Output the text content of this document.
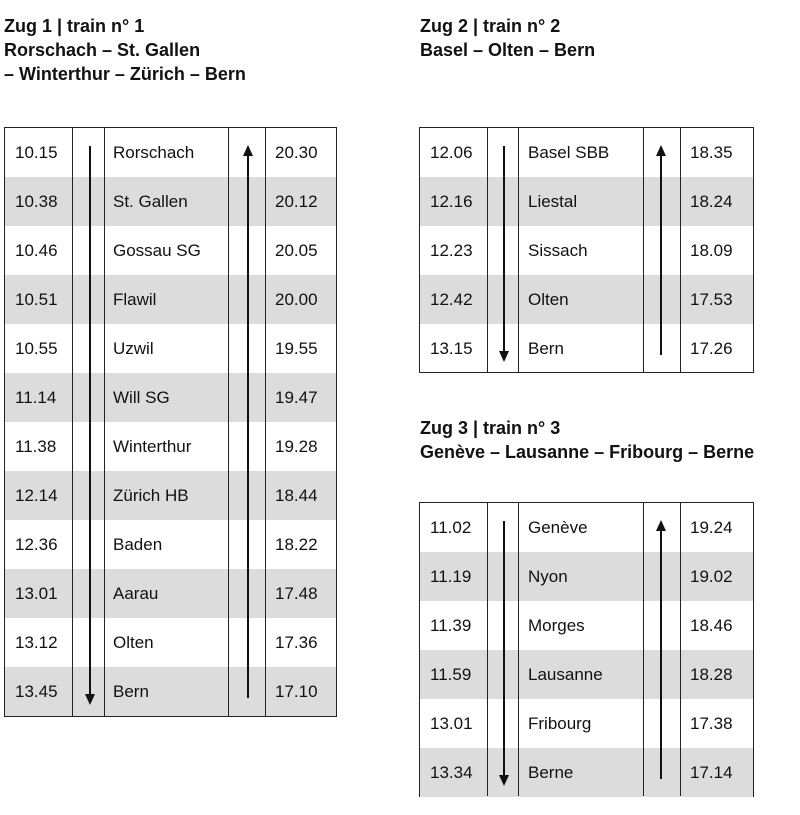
Zug 1 | train n° 1
Rorschach – St. Gallen
– Winterthur – Zürich – Bern
10.15	Rorschach	20.30
10.38	St. Gallen	20.12
10.46	Gossau SG	20.05
10.51	Flawil	20.00
10.55	Uzwil	19.55
11.14	Will SG	19.47
11.38	Winterthur	19.28
12.14	Zürich HB	18.44
12.36	Baden	18.22
13.01	Aarau	17.48
13.12	Olten	17.36
13.45	Bern	17.10
Zug 2 | train n° 2
Basel – Olten – Bern
12.06	Basel SBB	18.35
12.16	Liestal	18.24
12.23	Sissach	18.09
12.42	Olten	17.53
13.15	Bern	17.26
Zug 3 | train n° 3
Genève – Lausanne – Fribourg – Berne
11.02	Genève	19.24
11.19	Nyon	19.02
11.39	Morges	18.46
11.59	Lausanne	18.28
13.01	Fribourg	17.38
13.34	Berne	17.14
